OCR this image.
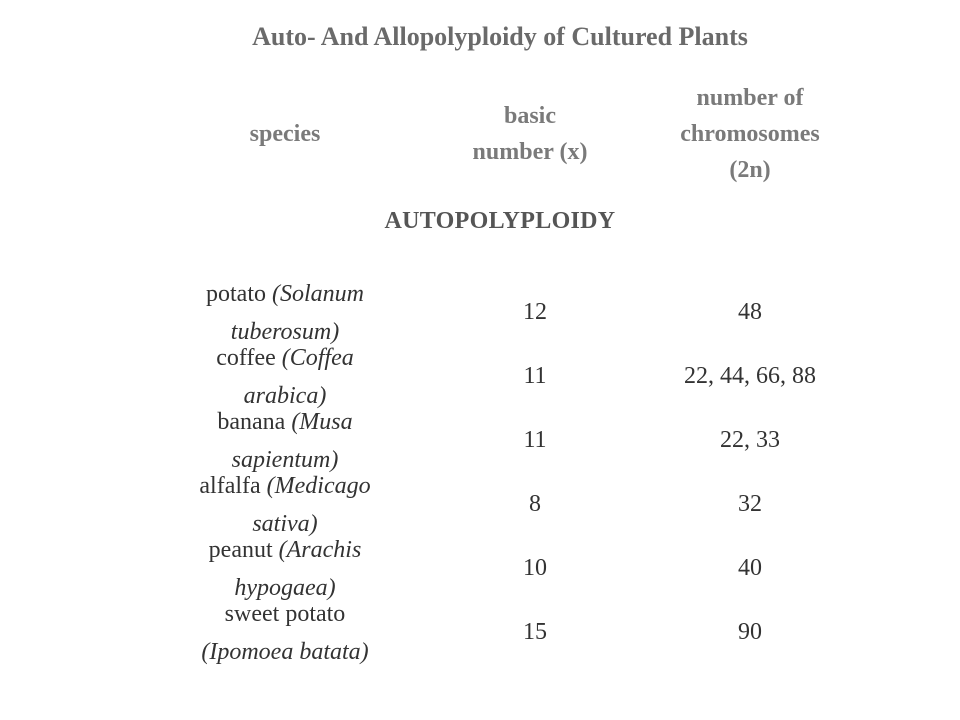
Auto- And Allopolyploidy of Cultured Plants
species
basic
number (x)
number of
chromosomes
(2n)
AUTOPOLYPLOIDY
potato (Solanum
tuberosum)
12	48
coffee (Coffea
arabica)
11	22, 44, 66, 88
banana (Musa
sapientum)
11	22, 33
alfalfa (Medicago
sativa)
8	32
peanut (Arachis
hypogaea)
10	40
sweet potato
(Ipomoea batata)
15	90
